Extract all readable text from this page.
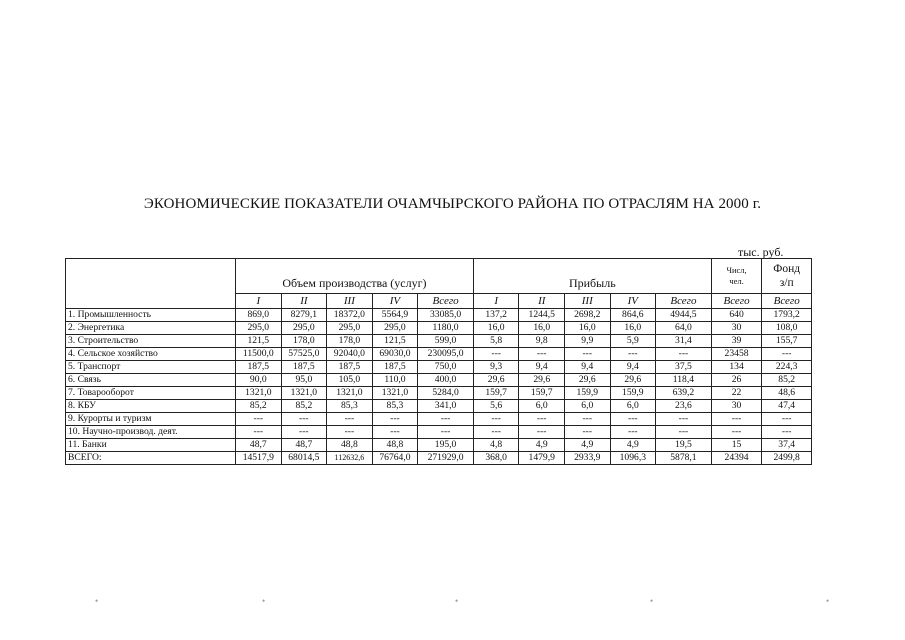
ЭКОНОМИЧЕСКИЕ ПОКАЗАТЕЛИ ОЧАМЧЫРСКОГО РАЙОНА ПО ОТРАСЛЯМ НА 2000 г.
тыс. руб.
	Объем производства (услуг)					Прибыль					Числ,
чел.	Фонд
з/п
	I	II	III	IV	Всего	I	II	III	IV	Всего	Всего	Всего
1. Промышленность	869,0	8279,1	18372,0	5564,9	33085,0	137,2	1244,5	2698,2	864,6	4944,5	640	1793,2
2. Энергетика	295,0	295,0	295,0	295,0	1180,0	16,0	16,0	16,0	16,0	64,0	30	108,0
3. Строительство	121,5	178,0	178,0	121,5	599,0	5,8	9,8	9,9	5,9	31,4	39	155,7
4. Сельское хозяйство	11500,0	57525,0	92040,0	69030,0	230095,0	---	---	---	---	---	23458	---
5. Транспорт	187,5	187,5	187,5	187,5	750,0	9,3	9,4	9,4	9,4	37,5	134	224,3
6. Связь	90,0	95,0	105,0	110,0	400,0	29,6	29,6	29,6	29,6	118,4	26	85,2
7. Товарооборот	1321,0	1321,0	1321,0	1321,0	5284,0	159,7	159,7	159,9	159,9	639,2	22	48,6
8. КБУ	85,2	85,2	85,3	85,3	341,0	5,6	6,0	6,0	6,0	23,6	30	47,4
9. Курорты и туризм	---	---	---	---	---	---	---	---	---	---	---	---
10. Научно-производ. деят.	---	---	---	---	---	---	---	---	---	---	---	---
11. Банки	48,7	48,7	48,8	48,8	195,0	4,8	4,9	4,9	4,9	19,5	15	37,4
ВСЕГО:	14517,9	68014,5	112632,6	76764,0	271929,0	368,0	1479,9	2933,9	1096,3	5878,1	24394	2499,8
•	•	•	•	•
